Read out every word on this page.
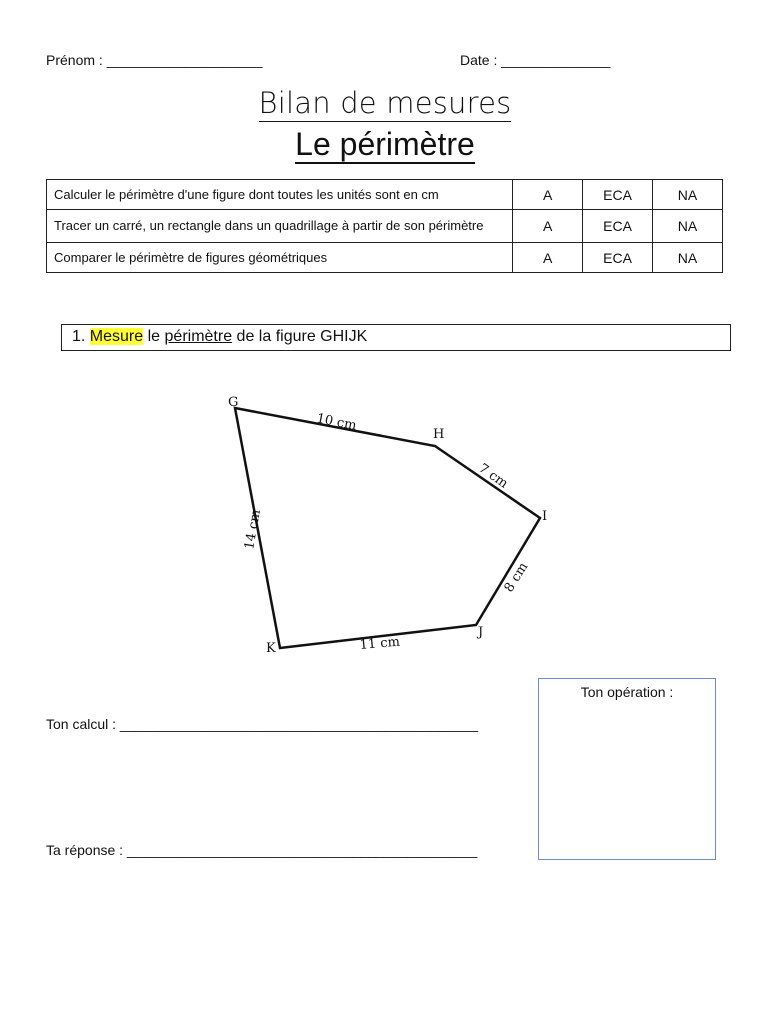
Prénom : ____________________	Date : ______________
Bilan de mesures
Le périmètre
Calculer le périmètre d'une figure dont toutes les unités sont en cm	A	ECA	NA
Tracer un carré, un rectangle dans un quadrillage à partir de son périmètre	A	ECA	NA
Comparer le périmètre de figures géométriques	A	ECA	NA
1. Mesure le périmètre de la figure GHIJK
G
H
I
J
K
10 cm
7 cm
8 cm
11 cm
14 cm
Ton calcul : ______________________________________________
Ta réponse : _____________________________________________
Ton opération :
